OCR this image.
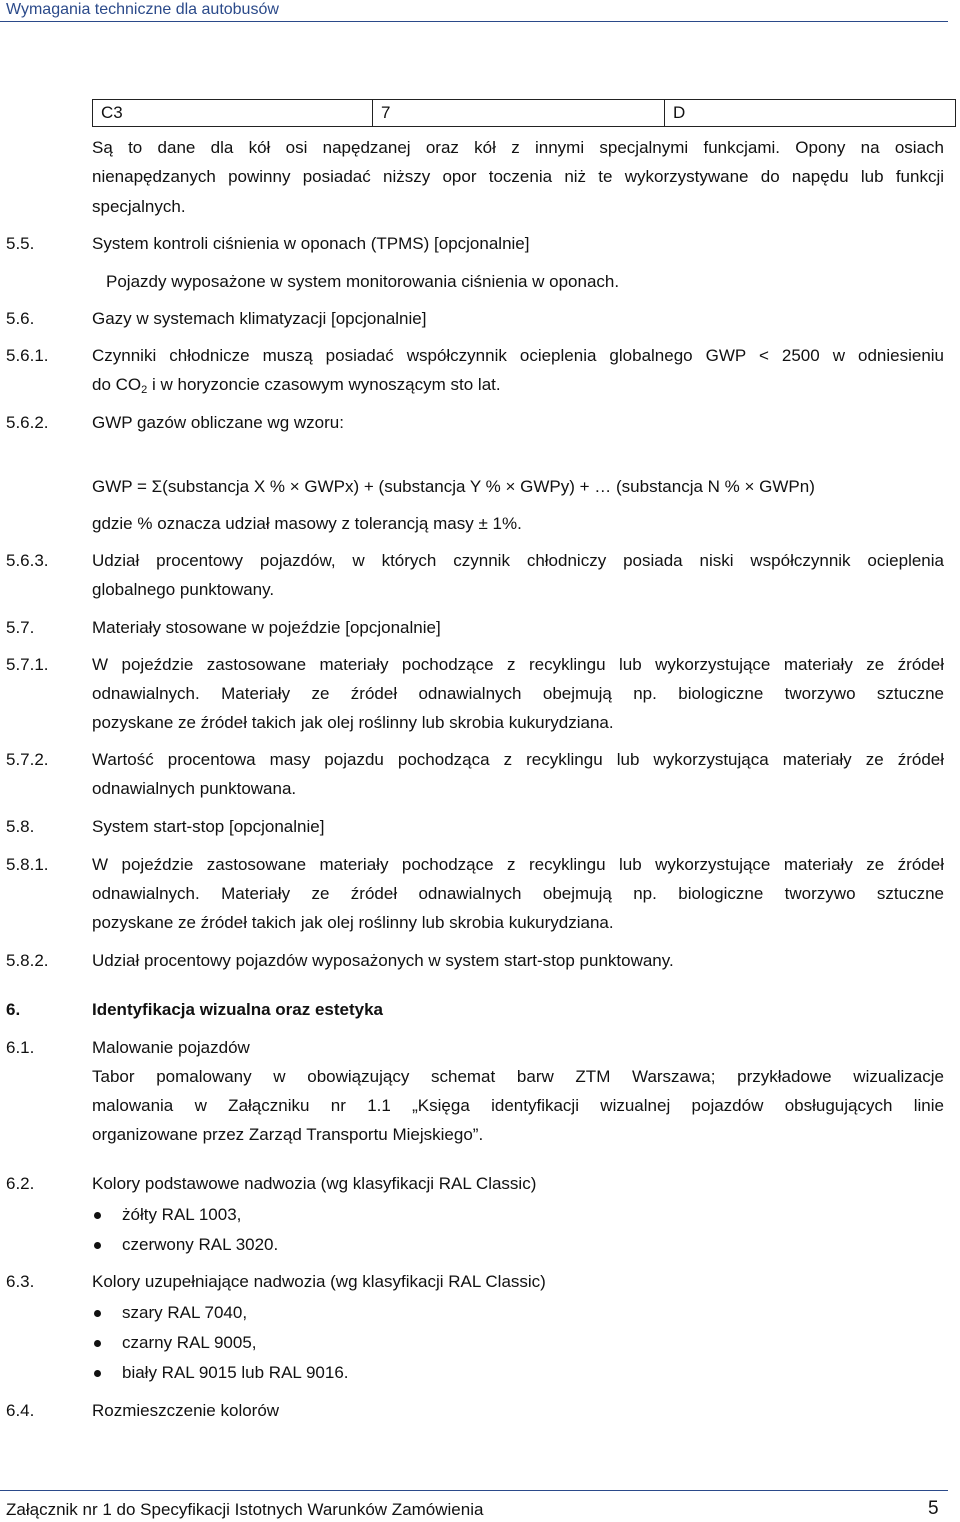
Wymagania techniczne dla autobusów
C3	7	D
Są to dane dla kół osi napędzanej oraz kół z innymi specjalnymi funkcjami. Opony na osiach
nienapędzanych powinny posiadać niższy opor toczenia niż te wykorzystywane do napędu lub funkcji
specjalnych.
5.5.	System kontroli ciśnienia w oponach (TPMS) [opcjonalnie]
Pojazdy wyposażone w system monitorowania ciśnienia w oponach.
5.6.	Gazy w systemach klimatyzacji [opcjonalnie]
5.6.1.	Czynniki chłodnicze muszą posiadać współczynnik ocieplenia globalnego GWP < 2500 w odniesieniu
do $CO_2$ i w horyzoncie czasowym wynoszącym sto lat.
5.6.2.	GWP gazów obliczane wg wzoru:
GWP = Σ(substancja X % × GWPx) + (substancja Y % × GWPy) + … (substancja N % × GWPn)
gdzie % oznacza udział masowy z tolerancją masy ± 1%.
5.6.3.	Udział procentowy pojazdów, w których czynnik chłodniczy posiada niski współczynnik ocieplenia
globalnego punktowany.
5.7.	Materiały stosowane w pojeździe [opcjonalnie]
5.7.1.	W pojeździe zastosowane materiały pochodzące z recyklingu lub wykorzystujące materiały ze źródeł
odnawialnych. Materiały ze źródeł odnawialnych obejmują np. biologiczne tworzywo sztuczne
pozyskane ze źródeł takich jak olej roślinny lub skrobia kukurydziana.
5.7.2.	Wartość procentowa masy pojazdu pochodząca z recyklingu lub wykorzystująca materiały ze źródeł
odnawialnych punktowana.
5.8.	System start-stop [opcjonalnie]
5.8.1.	W pojeździe zastosowane materiały pochodzące z recyklingu lub wykorzystujące materiały ze źródeł
odnawialnych. Materiały ze źródeł odnawialnych obejmują np. biologiczne tworzywo sztuczne
pozyskane ze źródeł takich jak olej roślinny lub skrobia kukurydziana.
5.8.2.	Udział procentowy pojazdów wyposażonych w system start-stop punktowany.
6.	Identyfikacja wizualna oraz estetyka
6.1.	Malowanie pojazdów
Tabor pomalowany w obowiązujący schemat barw ZTM Warszawa; przykładowe wizualizacje
malowania w Załączniku nr 1.1 „Księga identyfikacji wizualnej pojazdów obsługujących linie
organizowane przez Zarząd Transportu Miejskiego”.
6.2.	Kolory podstawowe nadwozia (wg klasyfikacji RAL Classic)
żółty RAL 1003,
czerwony RAL 3020.
6.3.	Kolory uzupełniające nadwozia (wg klasyfikacji RAL Classic)
szary RAL 7040,
czarny RAL 9005,
biały RAL 9015 lub RAL 9016.
6.4.	Rozmieszczenie kolorów
Załącznik nr 1 do Specyfikacji Istotnych Warunków Zamówienia	5
